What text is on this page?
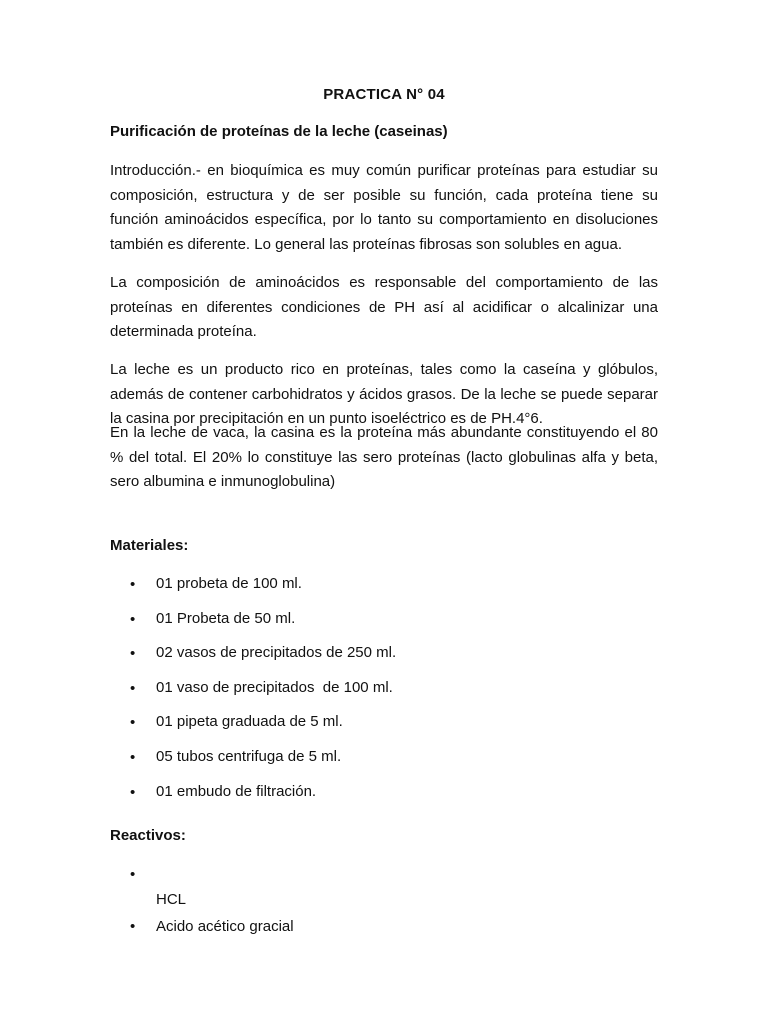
PRACTICA N° 04
Purificación de proteínas de la leche (caseinas)

Introducción.- en bioquímica es muy común purificar proteínas para estudiar su composición, estructura y de ser posible su función, cada proteína tiene su función aminoácidos específica, por lo tanto su comportamiento en disoluciones también es diferente. Lo general las proteínas fibrosas son solubles en agua.

La composición de aminoácidos es responsable del comportamiento de las proteínas en diferentes condiciones de PH así al acidificar o alcalinizar una determinada proteína.

La leche es un producto rico en proteínas, tales como la caseína y glóbulos, además de contener carbohidratos y ácidos grasos. De la leche se puede separar la casina por precipitación en un punto isoeléctrico es de PH.4°6.

En la leche de vaca, la casina es la proteína más abundante constituyendo el 80 % del total. El 20% lo constituye las sero proteínas (lacto globulinas alfa y beta, sero albumina e inmunoglobulina)

Materiales:
• 01 probeta de 100 ml.
• 01 Probeta de 50 ml.
• 02 vasos de precipitados de 250 ml.
• 01 vaso de precipitados  de 100 ml.
• 01 pipeta graduada de 5 ml.
• 05 tubos centrifuga de 5 ml.
• 01 embudo de filtración.
Reactivos:
•
HCL
• Acido acético gracial
